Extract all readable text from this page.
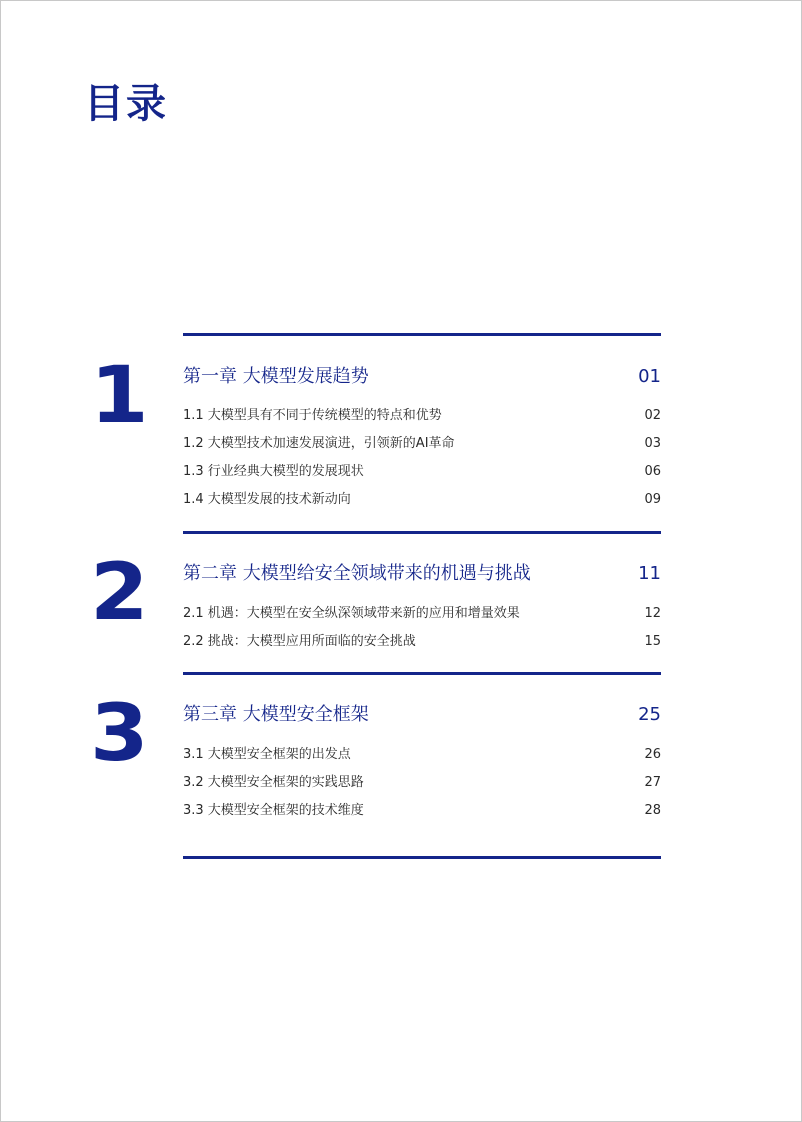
目录
1 第一章 大模型发展趋势	01
1.1 大模型具有不同于传统模型的特点和优势	02
1.2 大模型技术加速发展演进，引领新的AI革命	03
1.3 行业经典大模型的发展现状	06
1.4 大模型发展的技术新动向	09
2 第二章 大模型给安全领域带来的机遇与挑战	11
2.1 机遇：大模型在安全纵深领域带来新的应用和增量效果	12
2.2 挑战：大模型应用所面临的安全挑战	15
3 第三章 大模型安全框架	25
3.1 大模型安全框架的出发点	26
3.2 大模型安全框架的实践思路	27
3.3 大模型安全框架的技术维度	28
